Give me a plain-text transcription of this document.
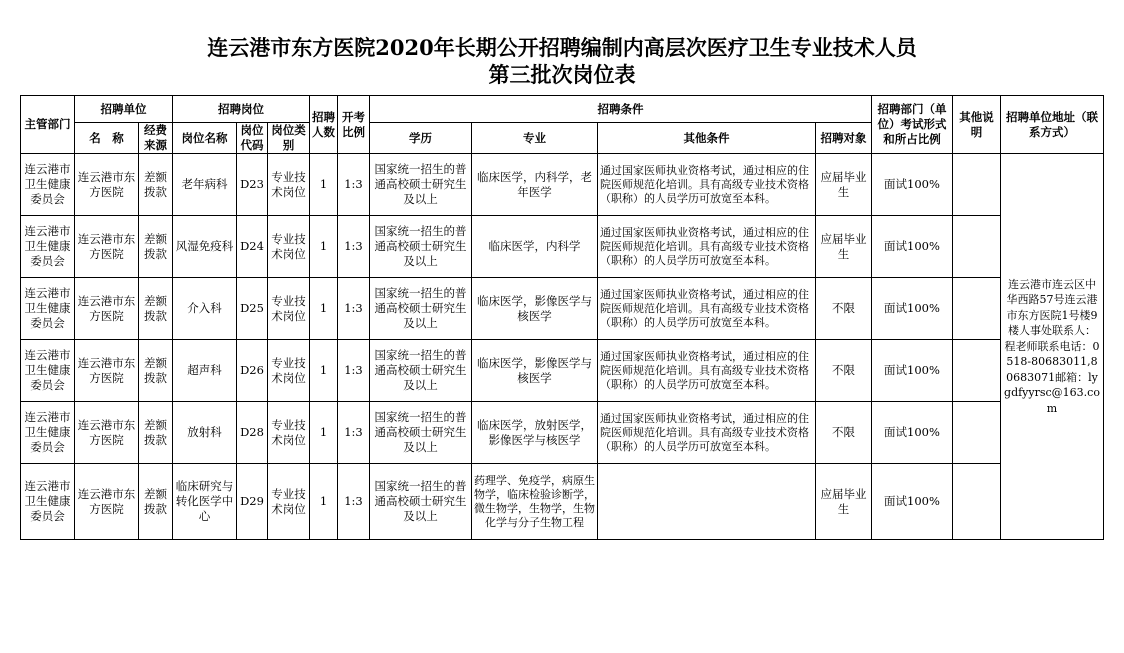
连云港市东方医院2020年长期公开招聘编制内高层次医疗卫生专业技术人员
第三批次岗位表
主管部门	招聘单位		招聘岗位			招聘人数	开考比例	招聘条件				招聘部门（单位）考试形式和所占比例	其他说明	招聘单位地址（联系方式）
	名　称	经费来源	岗位名称	岗位代码	岗位类别			学历	专业	其他条件	招聘对象			
连云港市卫生健康委员会	连云港市东方医院	差额拨款	老年病科	D23	专业技术岗位	1	1:3	国家统一招生的普通高校硕士研究生及以上	临床医学，内科学，老年医学	通过国家医师执业资格考试，通过相应的住院医师规范化培训。具有高级专业技术资格（职称）的人员学历可放宽至本科。	应届毕业生	面试100%		连云港市连云区中华西路57号连云港市东方医院1号楼9楼人事处联系人：程老师联系电话：0518-80683011,80683071邮箱：lygdfyyrsc@163.com
连云港市卫生健康委员会	连云港市东方医院	差额拨款	风湿免疫科	D24	专业技术岗位	1	1:3	国家统一招生的普通高校硕士研究生及以上	临床医学，内科学	通过国家医师执业资格考试，通过相应的住院医师规范化培训。具有高级专业技术资格（职称）的人员学历可放宽至本科。	应届毕业生	面试100%		
连云港市卫生健康委员会	连云港市东方医院	差额拨款	介入科	D25	专业技术岗位	1	1:3	国家统一招生的普通高校硕士研究生及以上	临床医学，影像医学与核医学	通过国家医师执业资格考试，通过相应的住院医师规范化培训。具有高级专业技术资格（职称）的人员学历可放宽至本科。	不限	面试100%		
连云港市卫生健康委员会	连云港市东方医院	差额拨款	超声科	D26	专业技术岗位	1	1:3	国家统一招生的普通高校硕士研究生及以上	临床医学，影像医学与核医学	通过国家医师执业资格考试，通过相应的住院医师规范化培训。具有高级专业技术资格（职称）的人员学历可放宽至本科。	不限	面试100%		
连云港市卫生健康委员会	连云港市东方医院	差额拨款	放射科	D28	专业技术岗位	1	1:3	国家统一招生的普通高校硕士研究生及以上	临床医学，放射医学，影像医学与核医学	通过国家医师执业资格考试，通过相应的住院医师规范化培训。具有高级专业技术资格（职称）的人员学历可放宽至本科。	不限	面试100%		
连云港市卫生健康委员会	连云港市东方医院	差额拨款	临床研究与转化医学中心	D29	专业技术岗位	1	1:3	国家统一招生的普通高校硕士研究生及以上	药理学、免疫学，病原生物学，临床检验诊断学，微生物学，生物学，生物化学与分子生物工程		应届毕业生	面试100%		
